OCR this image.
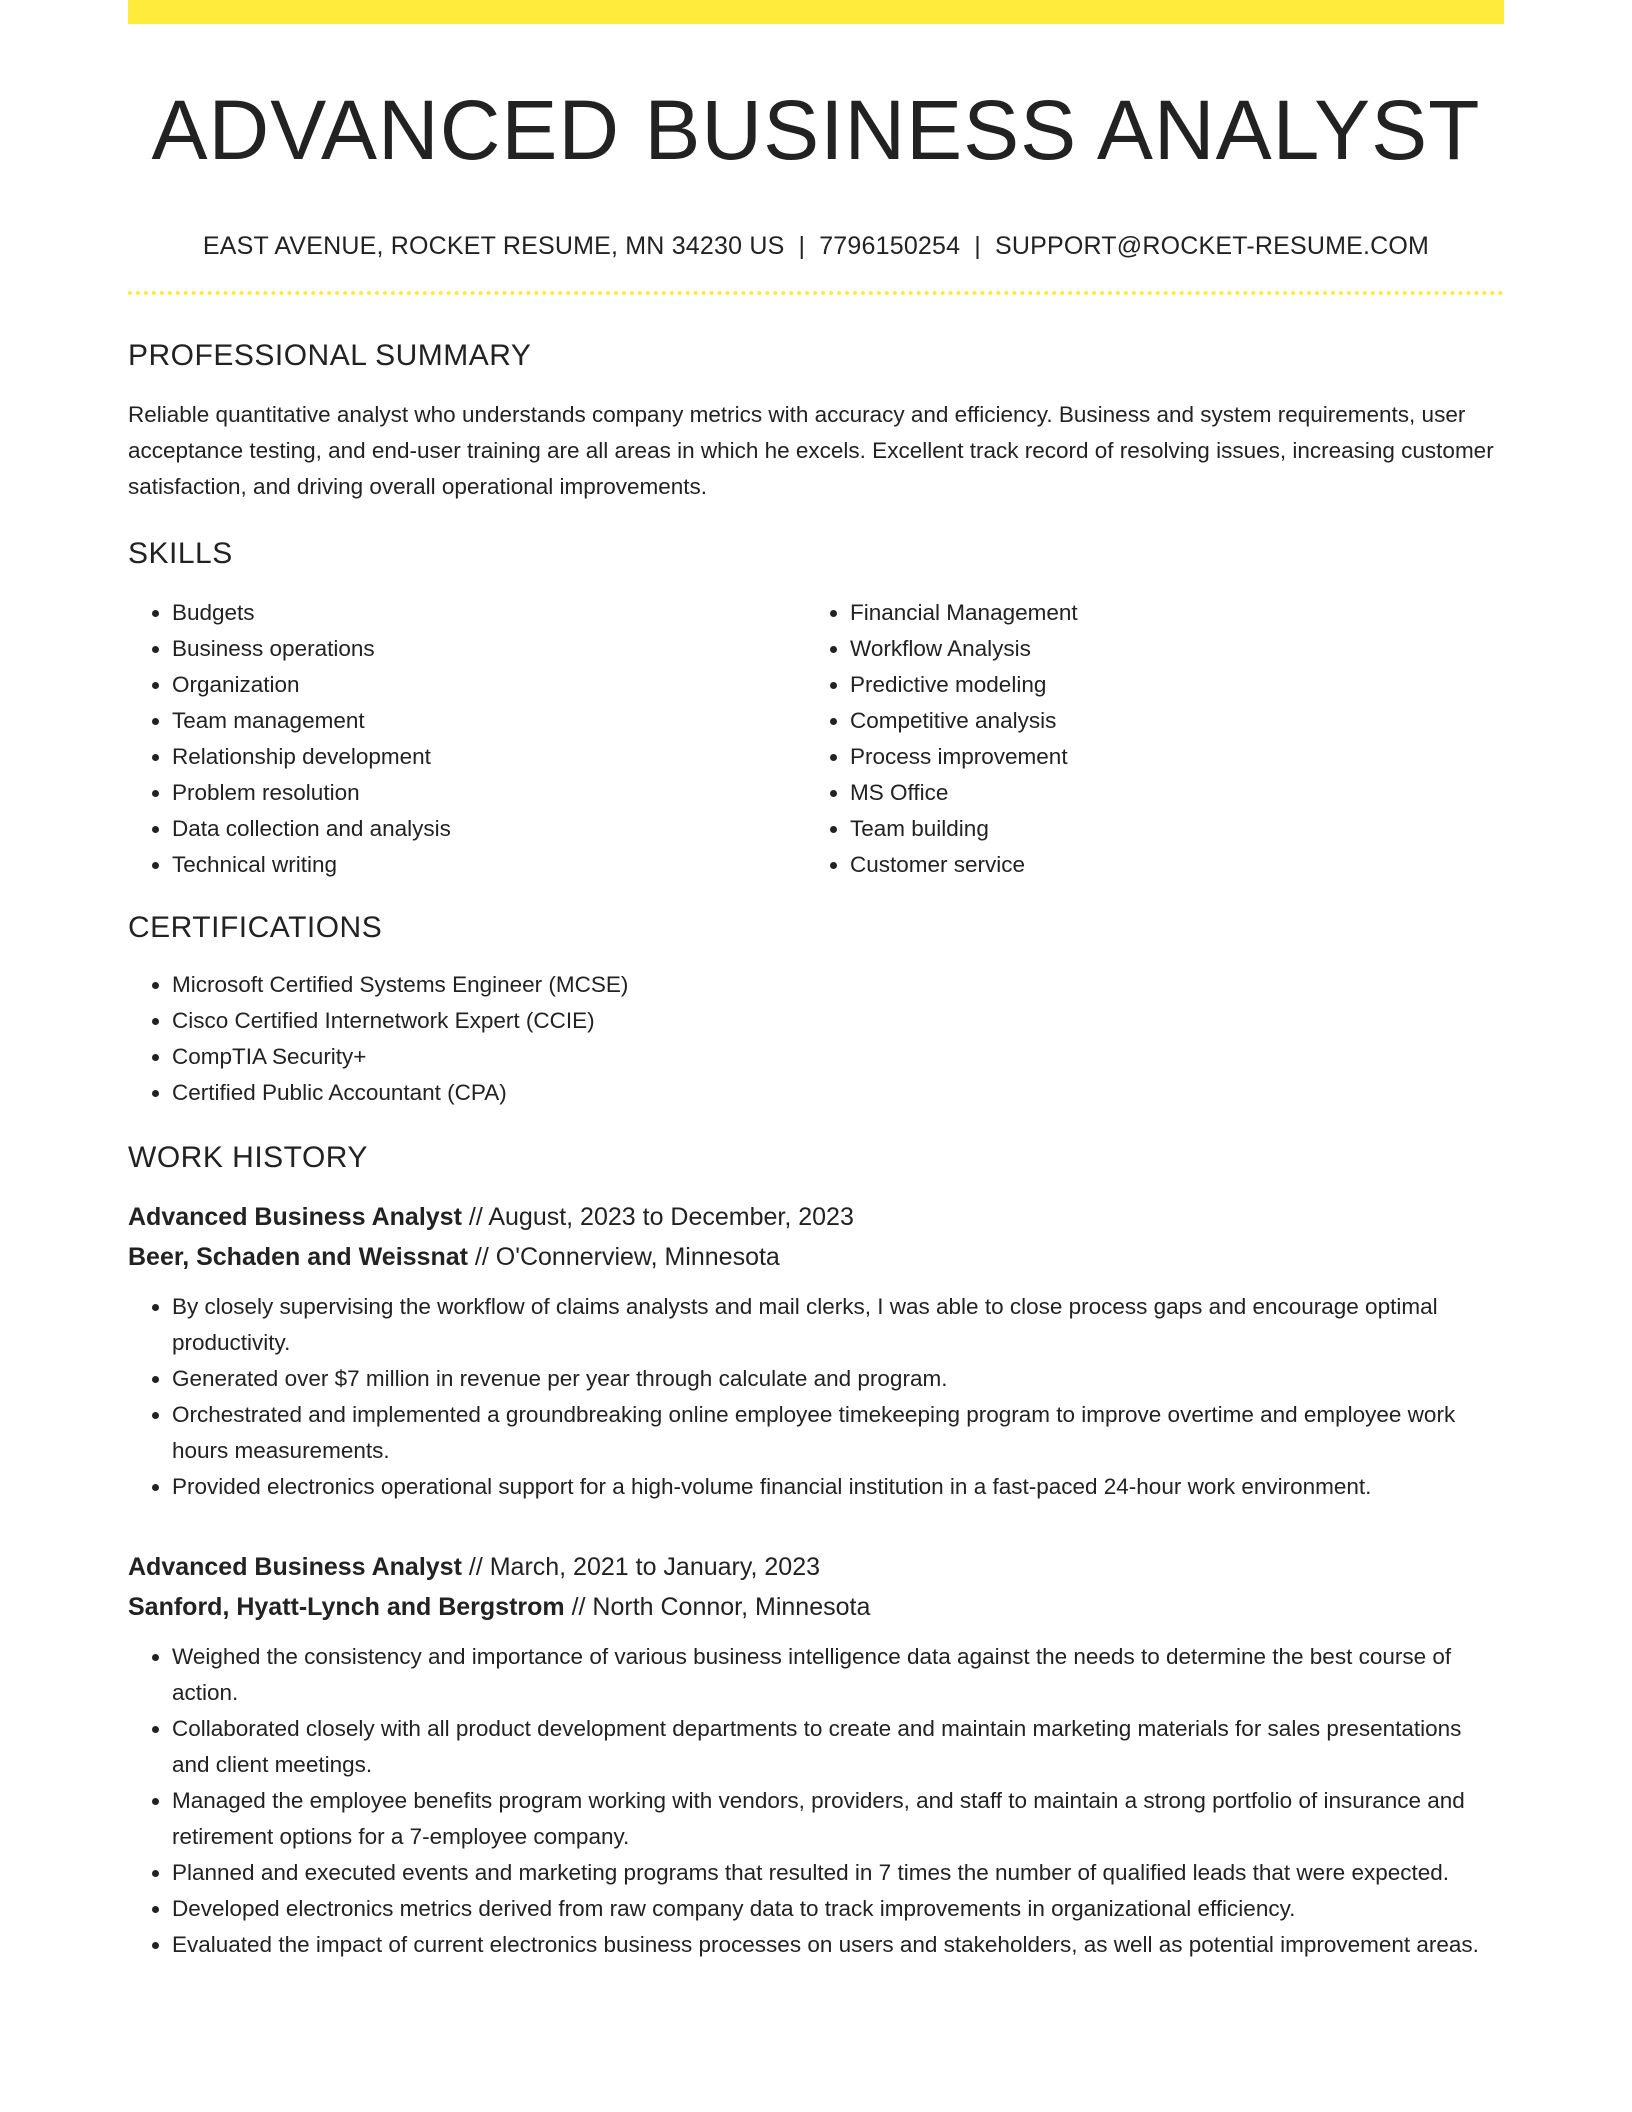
ADVANCED BUSINESS ANALYST
EAST AVENUE, ROCKET RESUME, MN 34230 US | 7796150254 | SUPPORT@ROCKET-RESUME.COM
PROFESSIONAL SUMMARY
Reliable quantitative analyst who understands company metrics with accuracy and efficiency. Business and system requirements, user acceptance testing, and end-user training are all areas in which he excels. Excellent track record of resolving issues, increasing customer satisfaction, and driving overall operational improvements.
SKILLS
• Budgets
• Business operations
• Organization
• Team management
• Relationship development
• Problem resolution
• Data collection and analysis
• Technical writing
• Financial Management
• Workflow Analysis
• Predictive modeling
• Competitive analysis
• Process improvement
• MS Office
• Team building
• Customer service
CERTIFICATIONS
• Microsoft Certified Systems Engineer (MCSE)
• Cisco Certified Internetwork Expert (CCIE)
• CompTIA Security+
• Certified Public Accountant (CPA)
WORK HISTORY
Advanced Business Analyst // August, 2023 to December, 2023
Beer, Schaden and Weissnat // O'Connerview, Minnesota
• By closely supervising the workflow of claims analysts and mail clerks, I was able to close process gaps and encourage optimal productivity.
• Generated over $7 million in revenue per year through calculate and program.
• Orchestrated and implemented a groundbreaking online employee timekeeping program to improve overtime and employee work hours measurements.
• Provided electronics operational support for a high-volume financial institution in a fast-paced 24-hour work environment.
Advanced Business Analyst // March, 2021 to January, 2023
Sanford, Hyatt-Lynch and Bergstrom // North Connor, Minnesota
• Weighed the consistency and importance of various business intelligence data against the needs to determine the best course of action.
• Collaborated closely with all product development departments to create and maintain marketing materials for sales presentations and client meetings.
• Managed the employee benefits program working with vendors, providers, and staff to maintain a strong portfolio of insurance and retirement options for a 7-employee company.
• Planned and executed events and marketing programs that resulted in 7 times the number of qualified leads that were expected.
• Developed electronics metrics derived from raw company data to track improvements in organizational efficiency.
• Evaluated the impact of current electronics business processes on users and stakeholders, as well as potential improvement areas.
